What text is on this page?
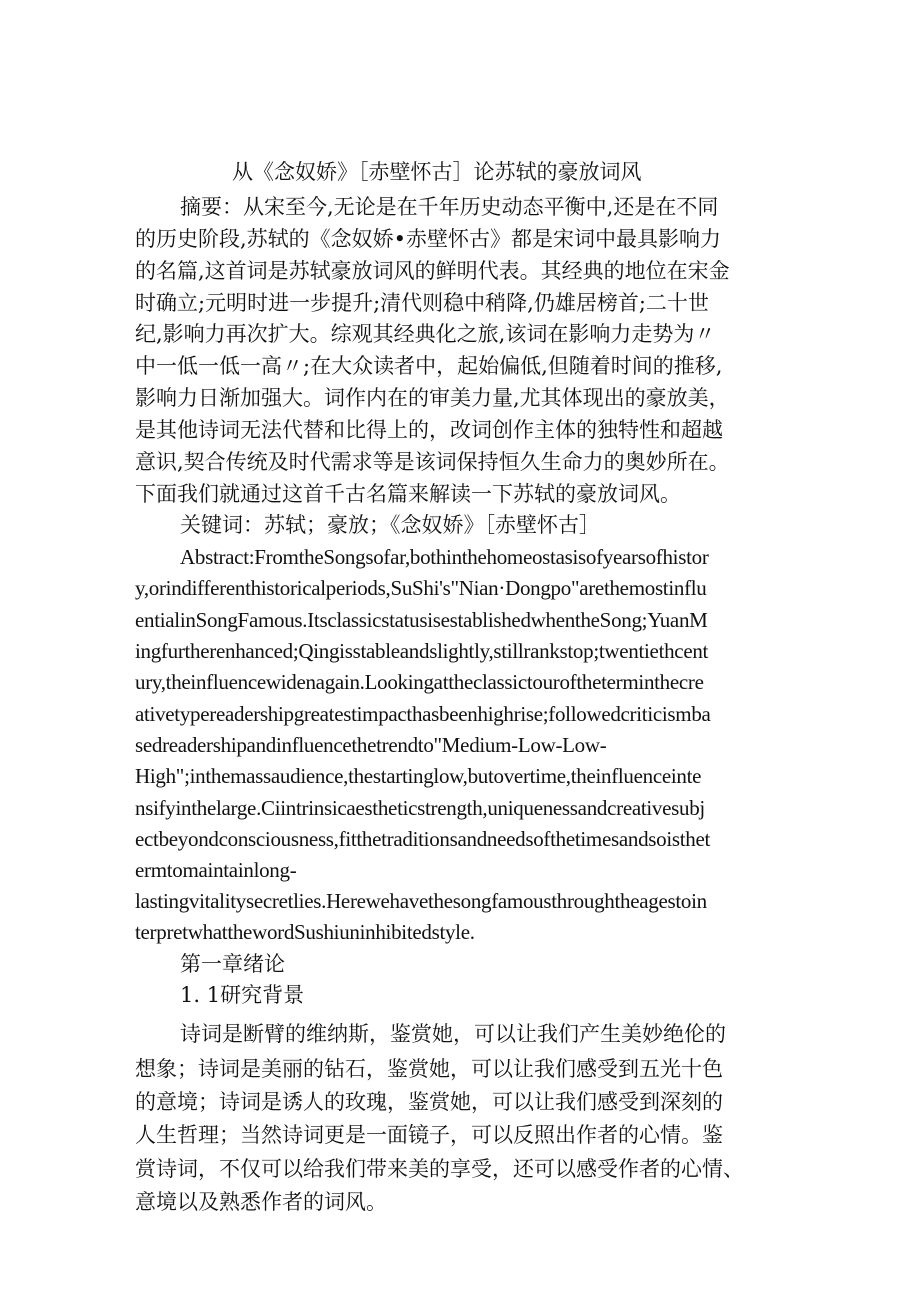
从《念奴娇》［赤壁怀古］论苏轼的豪放词风
摘要：从宋至今,无论是在千年历史动态平衡中,还是在不同
的历史阶段,苏轼的《念奴娇•赤壁怀古》都是宋词中最具影响力
的名篇,这首词是苏轼豪放词风的鲜明代表。其经典的地位在宋金
时确立;元明时进一步提升;清代则稳中稍降,仍雄居榜首;二十世
纪,影响力再次扩大。综观其经典化之旅,该词在影响力走势为〃
中一低一低一高〃;在大众读者中，起始偏低,但随着时间的推移,
影响力日渐加强大。词作内在的审美力量,尤其体现出的豪放美，
是其他诗词无法代替和比得上的，改词创作主体的独特性和超越
意识,契合传统及时代需求等是该词保持恒久生命力的奥妙所在。
下面我们就通过这首千古名篇来解读一下苏轼的豪放词风。
关键词：苏轼；豪放；《念奴娇》［赤壁怀古］
Abstract:FromtheSongsofar,bothinthehomeostasisofyearsofhistor
y,orindifferenthistoricalperiods,SuShi's"Nian·Dongpo"arethemostinflu
entialinSongFamous.ItsclassicstatusisestablishedwhentheSong;YuanM
ingfurtherenhanced;Qingisstableandslightly,stillrankstop;twentiethcent
ury,theinfluencewidenagain.Lookingattheclassictouroftheterminthecre
ativetypereadershipgreatestimpacthasbeenhighrise;followedcriticismba
sedreadershipandinfluencethetrendto"Medium-Low-Low-
High";inthemassaudience,thestartinglow,butovertime,theinfluenceinte
nsifyinthelarge.Ciintrinsicaestheticstrength,uniquenessandcreativesubj
ectbeyondconsciousness,fitthetraditionsandneedsofthetimesandsoisthet
ermtomaintainlong-
lastingvitalitysecretlies.Herewehavethesongfamousthroughtheagestoin
terpretwhatthewordSushiuninhibitedstyle.
第一章绪论
1. 1研究背景
诗词是断臂的维纳斯，鉴赏她，可以让我们产生美妙绝伦的
想象；诗词是美丽的钻石，鉴赏她，可以让我们感受到五光十色
的意境；诗词是诱人的玫瑰，鉴赏她，可以让我们感受到深刻的
人生哲理；当然诗词更是一面镜子，可以反照出作者的心情。鉴
赏诗词，不仅可以给我们带来美的享受，还可以感受作者的心情、
意境以及熟悉作者的词风。
